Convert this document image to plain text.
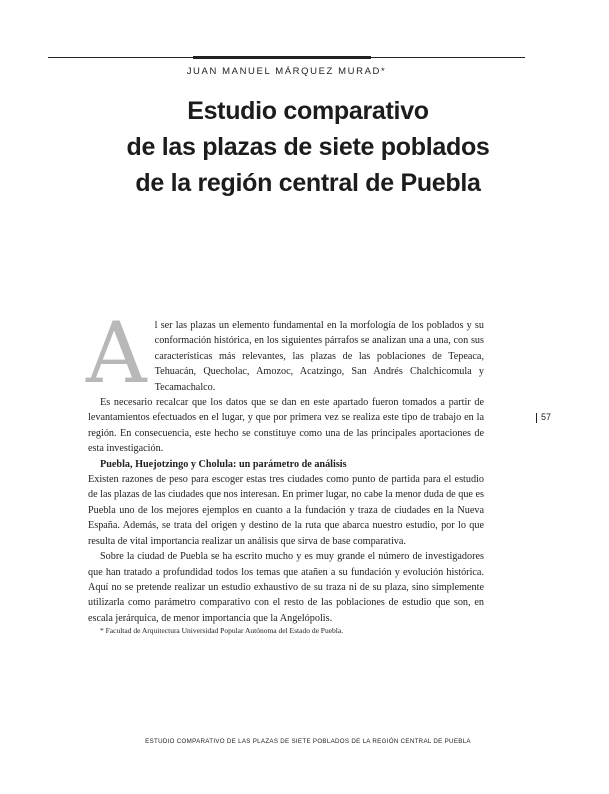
JUAN MANUEL MÁRQUEZ MURAD*
Estudio comparativo
de las plazas de siete poblados
de la región central de Puebla
A l ser las plazas un elemento fundamental en la morfología de los poblados y su conformación histórica, en los siguientes párrafos se analizan una a una, con sus características más relevantes, las plazas de las poblaciones de Tepeaca, Tehuacán, Quecholac, Amozoc, Acatzingo, San Andrés Chalchicomula y Tecamachalco.

Es necesario recalcar que los datos que se dan en este apartado fueron tomados a partir de levantamientos efectuados en el lugar, y que por primera vez se realiza este tipo de trabajo en la región. En consecuencia, este hecho se constituye como una de las principales aportaciones de esta investigación.

Puebla, Huejotzingo y Cholula: un parámetro de análisis

Existen razones de peso para escoger estas tres ciudades como punto de partida para el estudio de las plazas de las ciudades que nos interesan. En primer lugar, no cabe la menor duda de que es Puebla uno de los mejores ejemplos en cuanto a la fundación y traza de ciudades en la Nueva España. Además, se trata del origen y destino de la ruta que abarca nuestro estudio, por lo que resulta de vital importancia realizar un análisis que sirva de base comparativa.

Sobre la ciudad de Puebla se ha escrito mucho y es muy grande el número de investigadores que han tratado a profundidad todos los temas que atañen a su fundación y evolución histórica. Aquí no se pretende realizar un estudio exhaustivo de su traza ni de su plaza, sino simplemente utilizarla como parámetro comparativo con el resto de las poblaciones de estudio que son, en escala jerárquica, de menor importancia que la Angelópolis.

* Facultad de Arquitectura Universidad Popular Autónoma del Estado de Puebla.

57
ESTUDIO COMPARATIVO DE LAS PLAZAS DE SIETE POBLADOS DE LA REGIÓN CENTRAL DE PUEBLA
